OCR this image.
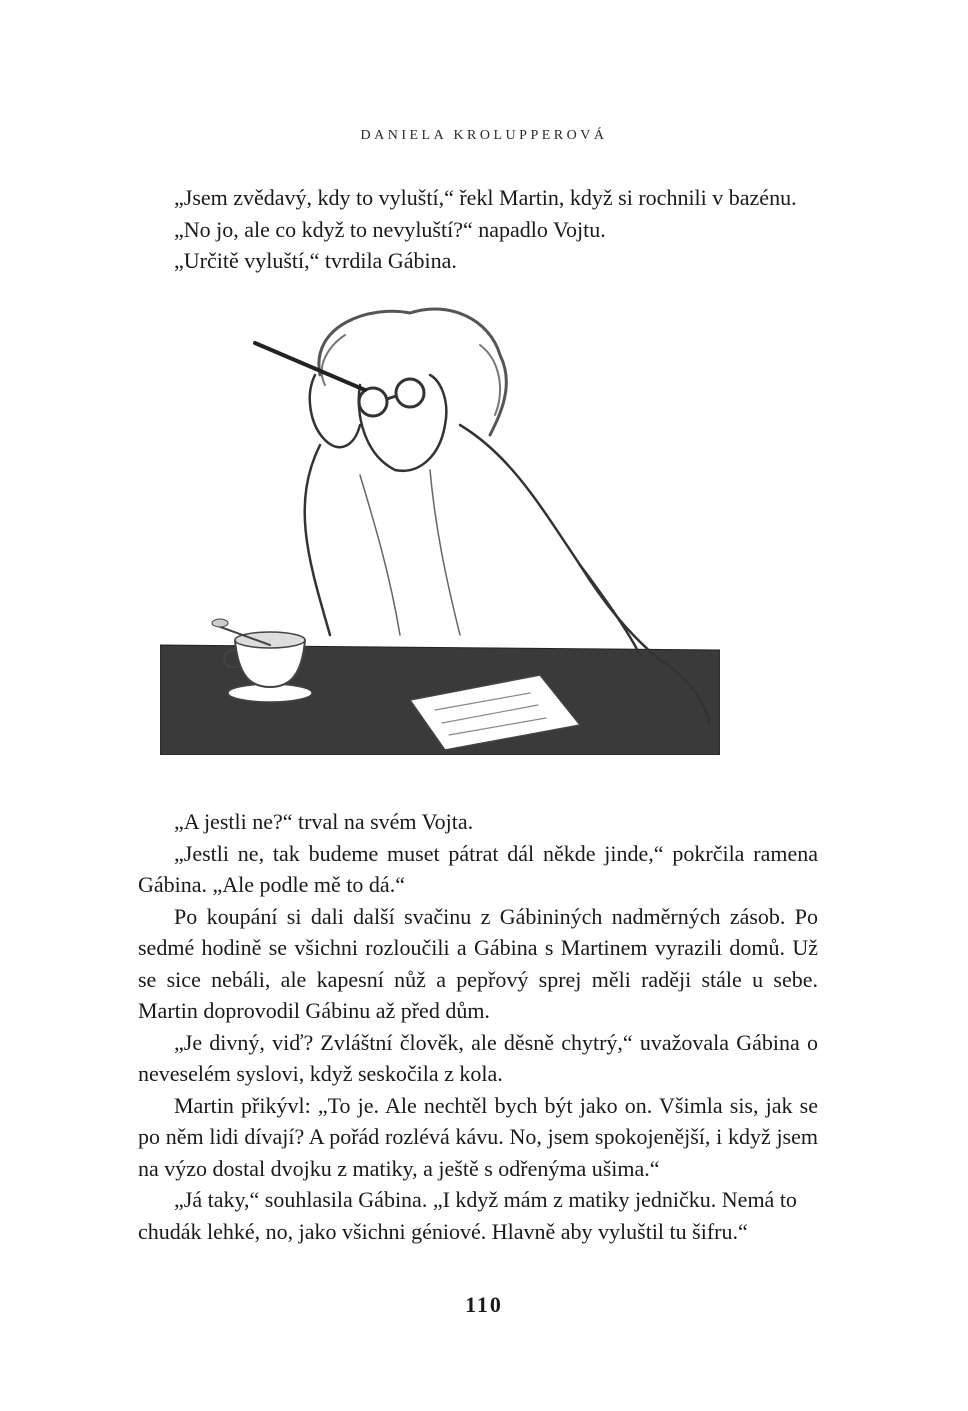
DANIELA KROLUPPEROVÁ

„Jsem zvědavý, kdy to vyluští,“ řekl Martin, když si rochnili v bazénu.

„No jo, ale co když to nevyluští?“ napadlo Vojtu.

„Určitě vyluští,“ tvrdila Gábina.

„A jestli ne?“ trval na svém Vojta.

„Jestli ne, tak budeme muset pátrat dál někde jinde,“ pokrčila ramena Gábina. „Ale podle mě to dá.“

Po koupání si dali další svačinu z Gábininých nadměrných zásob. Po sedmé hodině se všichni rozloučili a Gábina s Martinem vyrazili domů. Už se sice nebáli, ale kapesní nůž a pepřový sprej měli raději stále u sebe. Martin doprovodil Gábinu až před dům.

„Je divný, viď? Zvláštní člověk, ale děsně chytrý,“ uvažovala Gábina o neveselém syslovi, když seskočila z kola.

Martin přikývl: „To je. Ale nechtěl bych být jako on. Všimla sis, jak se po něm lidi dívají? A pořád rozlévá kávu. No, jsem spokojenější, i když jsem na výzo dostal dvojku z matiky, a ještě s odřenýma ušima.“

„Já taky,“ souhlasila Gábina. „I když mám z matiky jedničku. Nemá to chudák lehké, no, jako všichni géniové. Hlavně aby vyluštil tu šifru.“

110
